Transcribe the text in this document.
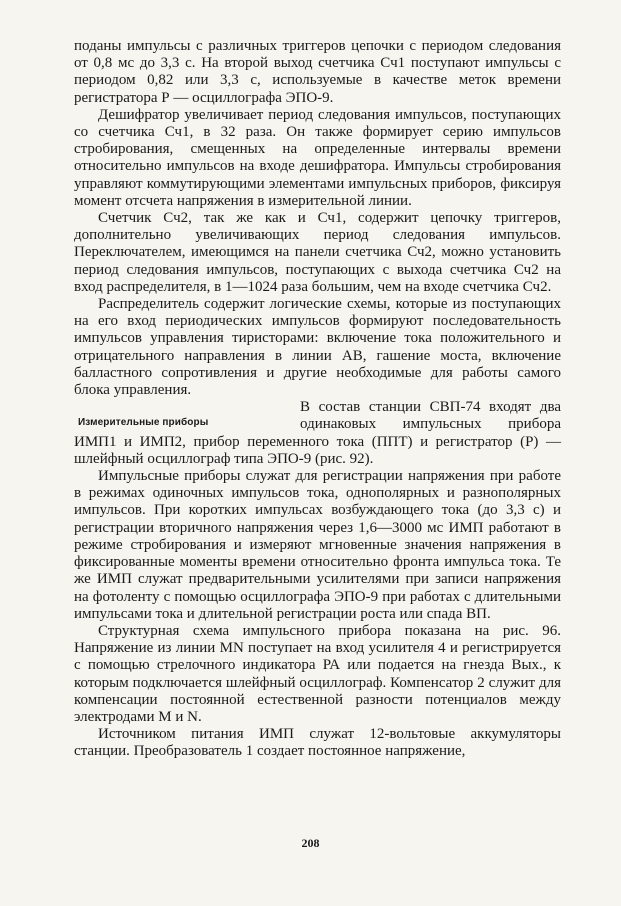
поданы импульсы с различных триггеров цепочки с периодом следования от 0,8 мс до 3,3 с. На второй выход счетчика Сч1 поступают импульсы с периодом 0,82 или 3,3 с, используемые в качестве меток времени регистратора Р — осциллографа ЭПО-9.

Дешифратор увеличивает период следования импульсов, поступающих со счетчика Сч1, в 32 раза. Он также формирует серию импульсов стробирования, смещенных на определенные интервалы времени относительно импульсов на входе дешифратора. Импульсы стробирования управляют коммутирующими элементами импульсных приборов, фиксируя момент отсчета напряжения в измерительной линии.

Счетчик Сч2, так же как и Сч1, содержит цепочку триггеров, дополнительно увеличивающих период следования импульсов. Переключателем, имеющимся на панели счетчика Сч2, можно установить период следования импульсов, поступающих с выхода счетчика Сч2 на вход распределителя, в 1—1024 раза большим, чем на входе счетчика Сч2.

Распределитель содержит логические схемы, которые из поступающих на его вход периодических импульсов формируют последовательность импульсов управления тиристорами: включение тока положительного и отрицательного направления в линии АВ, гашение моста, включение балластного сопротивления и другие необходимые для работы самого блока управления.

Измерительные приборы

В состав станции СВП-74 входят два одинаковых импульсных прибора ИМП1 и ИМП2, прибор переменного тока (ППТ) и регистратор (Р) — шлейфный осциллограф типа ЭПО-9 (рис. 92).

Импульсные приборы служат для регистрации напряжения при работе в режимах одиночных импульсов тока, однополярных и разнополярных импульсов. При коротких импульсах возбуждающего тока (до 3,3 с) и регистрации вторичного напряжения через 1,6—3000 мс ИМП работают в режиме стробирования и измеряют мгновенные значения напряжения в фиксированные моменты времени относительно фронта импульса тока. Те же ИМП служат предварительными усилителями при записи напряжения на фотоленту с помощью осциллографа ЭПО-9 при работах с длительными импульсами тока и длительной регистрации роста или спада ВП.

Структурная схема импульсного прибора показана на рис. 96. Напряжение из линии MN поступает на вход усилителя 4 и регистрируется с помощью стрелочного индикатора РА или подается на гнезда Вых., к которым подключается шлейфный осциллограф. Компенсатор 2 служит для компенсации постоянной естественной разности потенциалов между электродами M и N.

Источником питания ИМП служат 12-вольтовые аккумуляторы станции. Преобразователь 1 создает постоянное напряжение,

208
